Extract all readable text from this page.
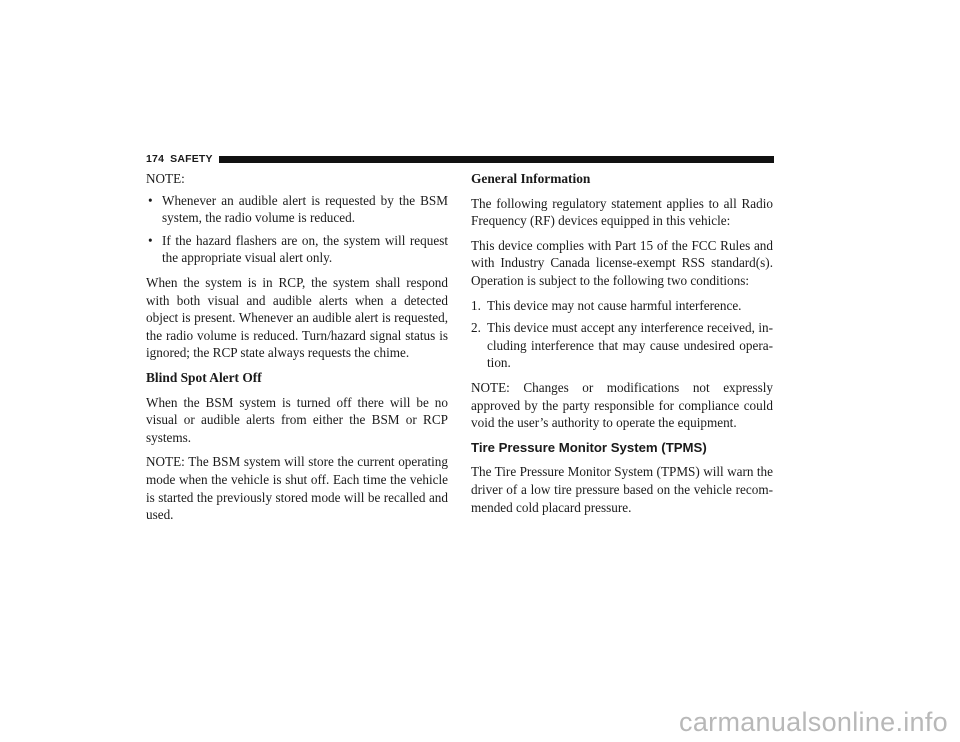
174 SAFETY

NOTE:

• Whenever an audible alert is requested by the BSM system, the radio volume is reduced.
• If the hazard flashers are on, the system will request the appropriate visual alert only.

When the system is in RCP, the system shall respond with both visual and audible alerts when a detected object is present. Whenever an audible alert is requested, the radio volume is reduced. Turn/hazard signal status is ignored; the RCP state always requests the chime.

Blind Spot Alert Off

When the BSM system is turned off there will be no visual or audible alerts from either the BSM or RCP systems.

NOTE: The BSM system will store the current operating mode when the vehicle is shut off. Each time the vehicle is started the previously stored mode will be recalled and used.

General Information

The following regulatory statement applies to all Radio Frequency (RF) devices equipped in this vehicle:

This device complies with Part 15 of the FCC Rules and with Industry Canada license-exempt RSS standard(s). Operation is subject to the following two conditions:

1. This device may not cause harmful interference.
2. This device must accept any interference received, in-cluding interference that may cause undesired opera-tion.

NOTE: Changes or modifications not expressly approved by the party responsible for compliance could void the user’s authority to operate the equipment.

Tire Pressure Monitor System (TPMS)

The Tire Pressure Monitor System (TPMS) will warn the driver of a low tire pressure based on the vehicle recom-mended cold placard pressure.

carmanualsonline.info
